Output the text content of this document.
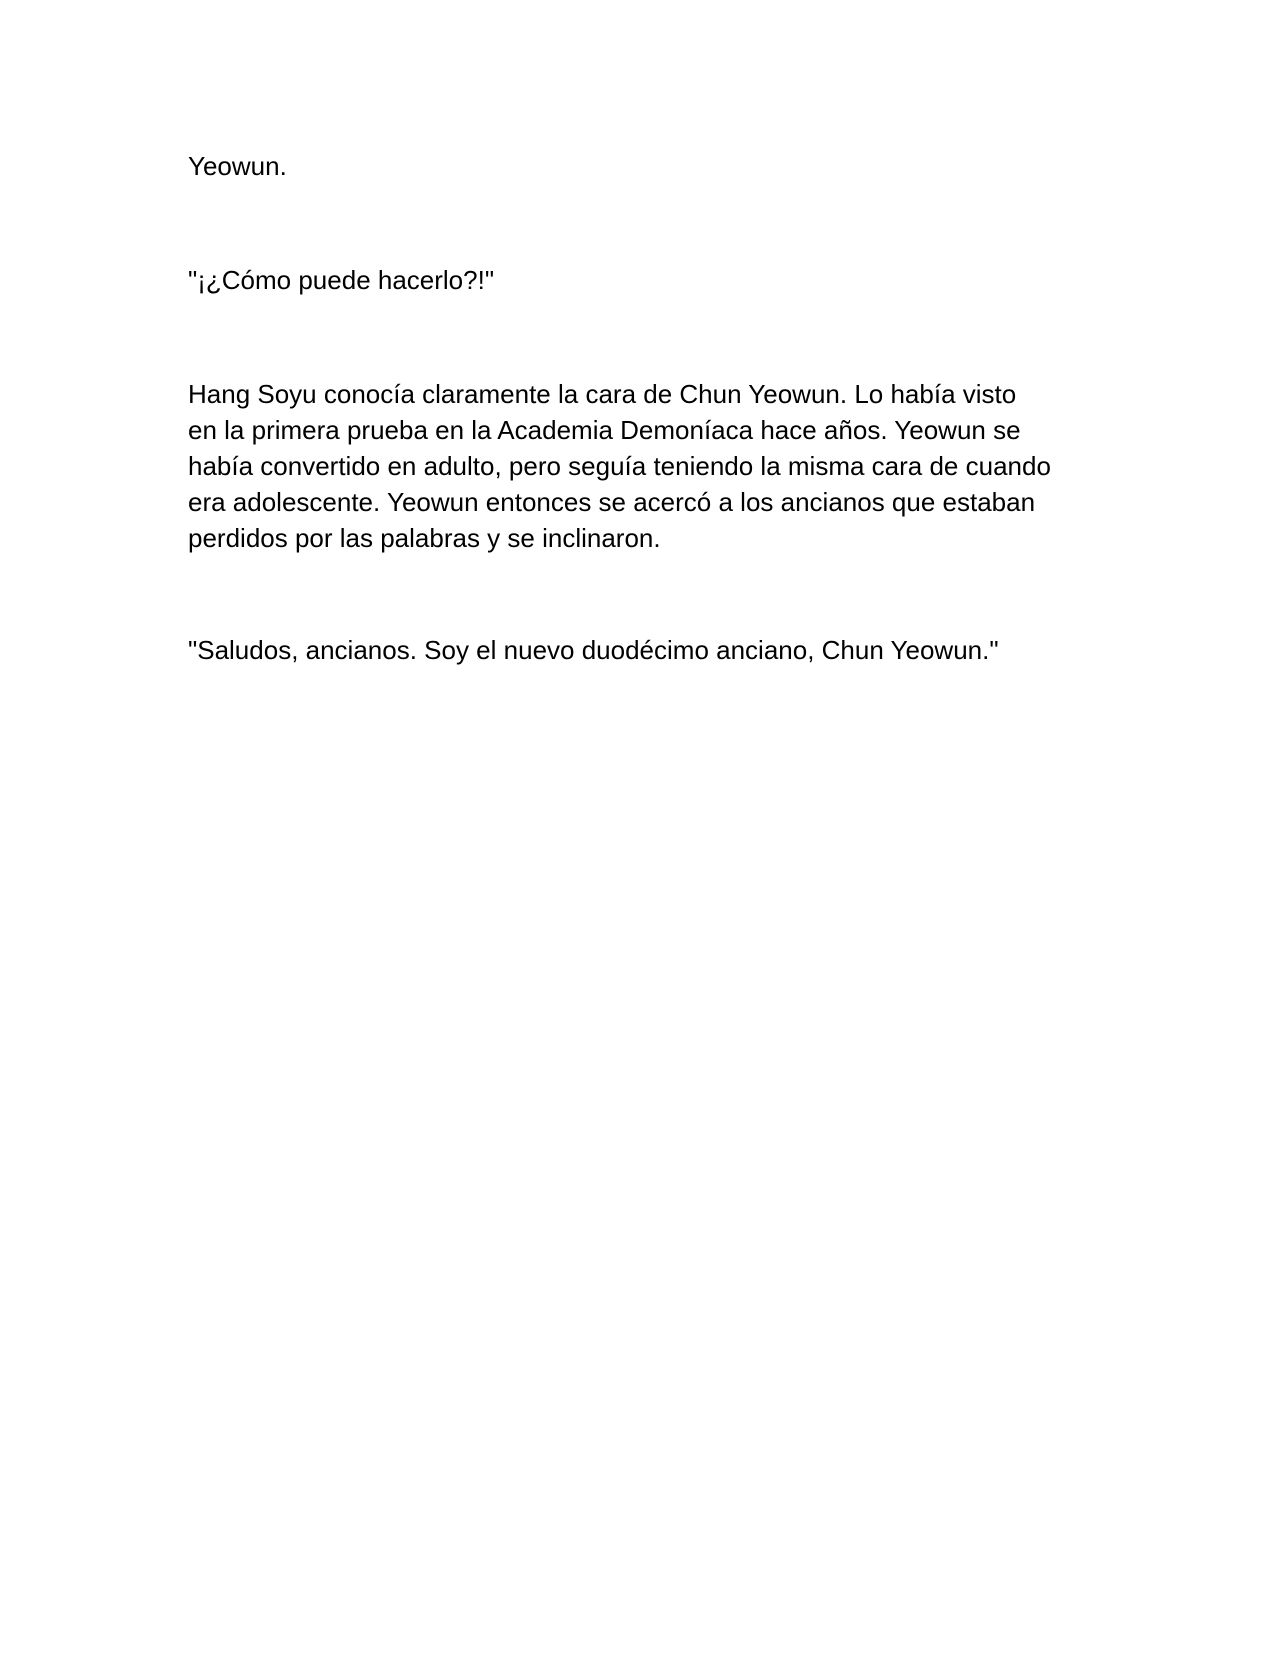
Yeowun.

"¡¿Cómo puede hacerlo?!"

Hang Soyu conocía claramente la cara de Chun Yeowun. Lo había visto
en la primera prueba en la Academia Demoníaca hace años. Yeowun se
había convertido en adulto, pero seguía teniendo la misma cara de cuando
era adolescente. Yeowun entonces se acercó a los ancianos que estaban
perdidos por las palabras y se inclinaron.

"Saludos, ancianos. Soy el nuevo duodécimo anciano, Chun Yeowun."
